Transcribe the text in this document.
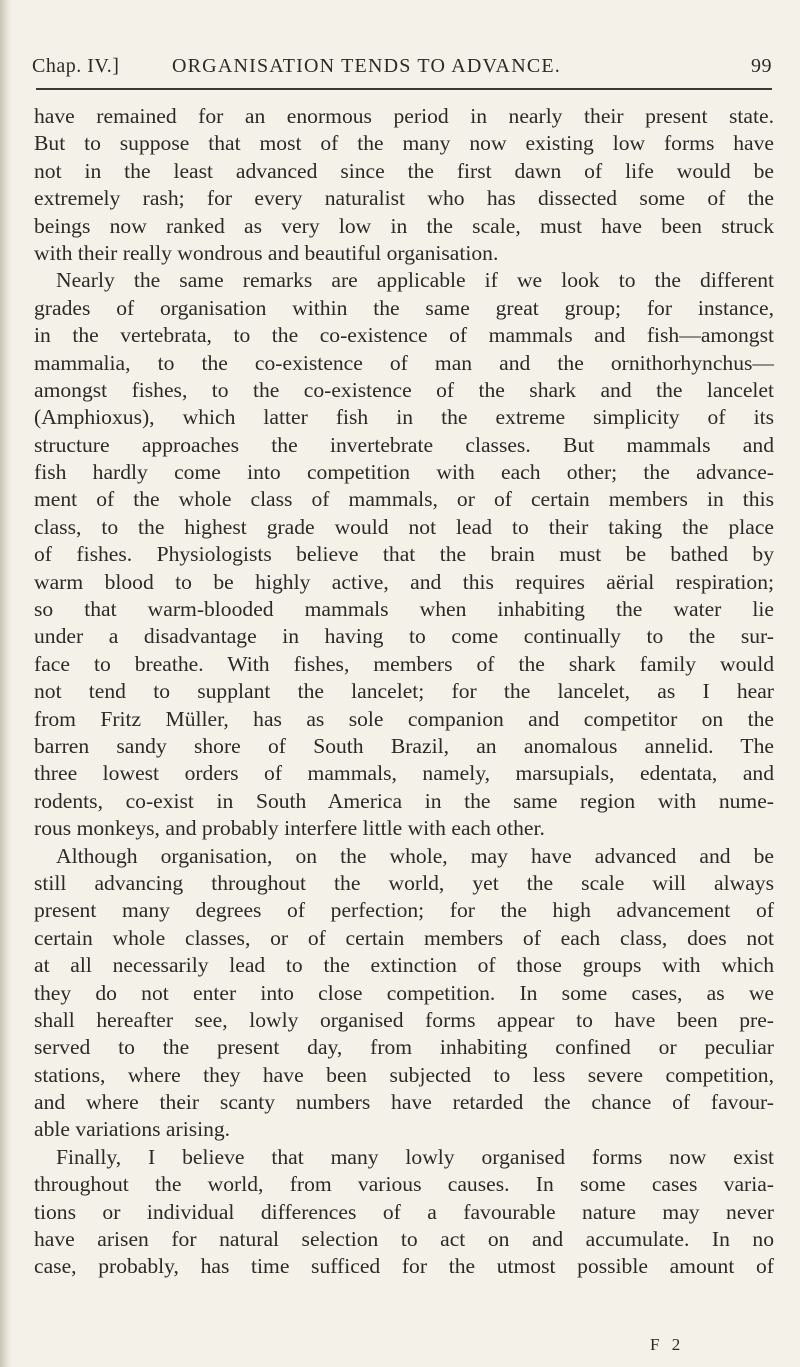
Chap. IV.]	ORGANISATION TENDS TO ADVANCE.	99
have remained for an enormous period in nearly their present state.
But to suppose that most of the many now existing low forms have
not in the least advanced since the first dawn of life would be
extremely rash; for every naturalist who has dissected some of the
beings now ranked as very low in the scale, must have been struck
with their really wondrous and beautiful organisation.
Nearly the same remarks are applicable if we look to the different
grades of organisation within the same great group; for instance,
in the vertebrata, to the co-existence of mammals and fish—amongst
mammalia, to the co-existence of man and the ornithorhynchus—
amongst fishes, to the co-existence of the shark and the lancelet
(Amphioxus), which latter fish in the extreme simplicity of its
structure approaches the invertebrate classes. But mammals and
fish hardly come into competition with each other; the advance-
ment of the whole class of mammals, or of certain members in this
class, to the highest grade would not lead to their taking the place
of fishes. Physiologists believe that the brain must be bathed by
warm blood to be highly active, and this requires aërial respiration;
so that warm-blooded mammals when inhabiting the water lie
under a disadvantage in having to come continually to the sur-
face to breathe. With fishes, members of the shark family would
not tend to supplant the lancelet; for the lancelet, as I hear
from Fritz Müller, has as sole companion and competitor on the
barren sandy shore of South Brazil, an anomalous annelid. The
three lowest orders of mammals, namely, marsupials, edentata, and
rodents, co-exist in South America in the same region with nume-
rous monkeys, and probably interfere little with each other.
Although organisation, on the whole, may have advanced and be
still advancing throughout the world, yet the scale will always
present many degrees of perfection; for the high advancement of
certain whole classes, or of certain members of each class, does not
at all necessarily lead to the extinction of those groups with which
they do not enter into close competition. In some cases, as we
shall hereafter see, lowly organised forms appear to have been pre-
served to the present day, from inhabiting confined or peculiar
stations, where they have been subjected to less severe competition,
and where their scanty numbers have retarded the chance of favour-
able variations arising.
Finally, I believe that many lowly organised forms now exist
throughout the world, from various causes. In some cases varia-
tions or individual differences of a favourable nature may never
have arisen for natural selection to act on and accumulate. In no
case, probably, has time sufficed for the utmost possible amount of
F 2
